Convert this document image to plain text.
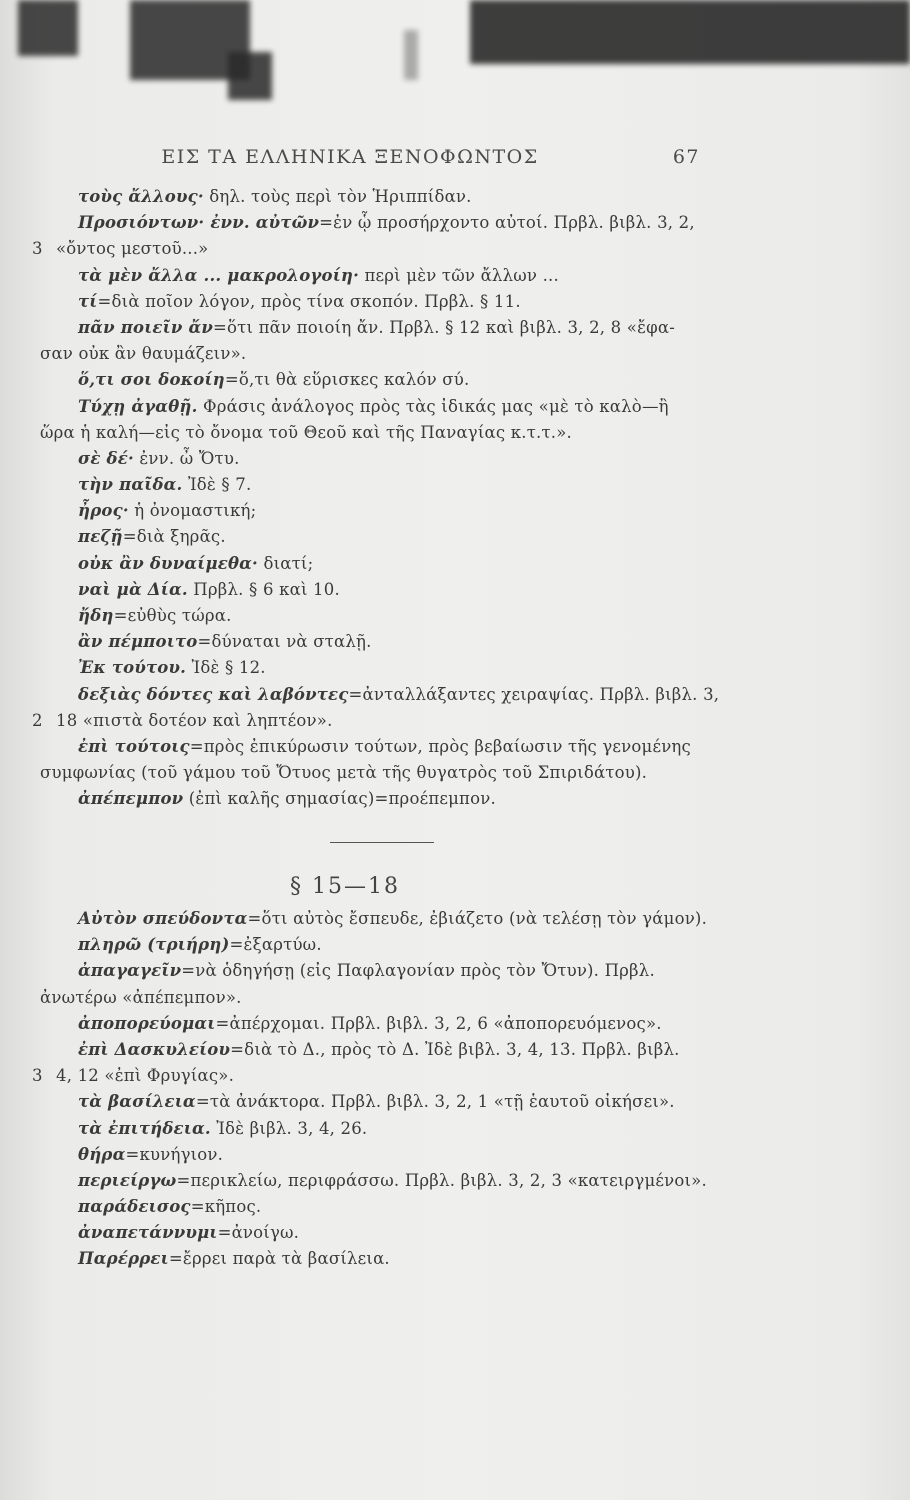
ΕΙΣ ΤΑ ΕΛΛΗΝΙΚΑ ΞΕΝΟΦΩΝΤΟΣ	67
τοὺς ἄλλους· δηλ. τοὺς περὶ τὸν Ἡριππίδαν.
Προσιόντων· ἐνν. αὐτῶν=ἐν ᾧ προσήρχοντο αὐτοί. Πρβλ. βιβλ. 3, 2,
3 «ὄντος μεστοῦ...»
τὰ μὲν ἄλλα ... μακρολογοίη· περὶ μὲν τῶν ἄλλων ...
τί=διὰ ποῖον λόγον, πρὸς τίνα σκοπόν. Πρβλ. § 11.
πᾶν ποιεῖν ἄν=ὅτι πᾶν ποιοίη ἄν. Πρβλ. § 12 καὶ βιβλ. 3, 2, 8 «ἔφα-
σαν οὐκ ἂν θαυμάζειν».
ὅ,τι σοι δοκοίη=ὅ,τι θὰ εὕρισκες καλόν σύ.
Τύχῃ ἀγαθῇ. Φράσις ἀνάλογος πρὸς τὰς ἰδικάς μας «μὲ τὸ καλὸ—ἢ
ὥρα ἡ καλή—εἰς τὸ ὄνομα τοῦ Θεοῦ καὶ τῆς Παναγίας κ.τ.τ.».
σὲ δέ· ἐνν. ὦ Ὄτυ.
τὴν παῖδα. Ἰδὲ § 7.
ἦρος· ἡ ὀνομαστική;
πεζῇ=διὰ ξηρᾶς.
οὐκ ἂν δυναίμεθα· διατί;
ναὶ μὰ Δία. Πρβλ. § 6 καὶ 10.
ἤδη=εὐθὺς τώρα.
ἂν πέμποιτο=δύναται νὰ σταλῇ.
Ἐκ τούτου. Ἰδὲ § 12.
δεξιὰς δόντες καὶ λαβόντες=ἀνταλλάξαντες χειραψίας. Πρβλ. βιβλ. 3,
2 18 «πιστὰ δοτέον καὶ ληπτέον».
ἐπὶ τούτοις=πρὸς ἐπικύρωσιν τούτων, πρὸς βεβαίωσιν τῆς γενομένης
συμφωνίας (τοῦ γάμου τοῦ Ὄτυος μετὰ τῆς θυγατρὸς τοῦ Σπιριδάτου).
ἀπέπεμπον (ἐπὶ καλῆς σημασίας)=προέπεμπον.
§ 15—18
Αὐτὸν σπεύδοντα=ὅτι αὐτὸς ἔσπευδε, ἐβιάζετο (νὰ τελέσῃ τὸν γάμον).
πληρῶ (τριήρη)=ἐξαρτύω.
ἀπαγαγεῖν=νὰ ὁδηγήσῃ (εἰς Παφλαγονίαν πρὸς τὸν Ὄτυν). Πρβλ.
ἀνωτέρω «ἀπέπεμπον».
ἀποπορεύομαι=ἀπέρχομαι. Πρβλ. βιβλ. 3, 2, 6 «ἀποπορευόμενος».
ἐπὶ Δασκυλείου=διὰ τὸ Δ., πρὸς τὸ Δ. Ἰδὲ βιβλ. 3, 4, 13. Πρβλ. βιβλ.
3 4, 12 «ἐπὶ Φρυγίας».
τὰ βασίλεια=τὰ ἀνάκτορα. Πρβλ. βιβλ. 3, 2, 1 «τῇ ἑαυτοῦ οἰκήσει».
τὰ ἐπιτήδεια. Ἰδὲ βιβλ. 3, 4, 26.
θήρα=κυνήγιον.
περιείργω=περικλείω, περιφράσσω. Πρβλ. βιβλ. 3, 2, 3 «κατειργμένοι».
παράδεισος=κῆπος.
ἀναπετάννυμι=ἀνοίγω.
Παρέρρει=ἔρρει παρὰ τὰ βασίλεια.
